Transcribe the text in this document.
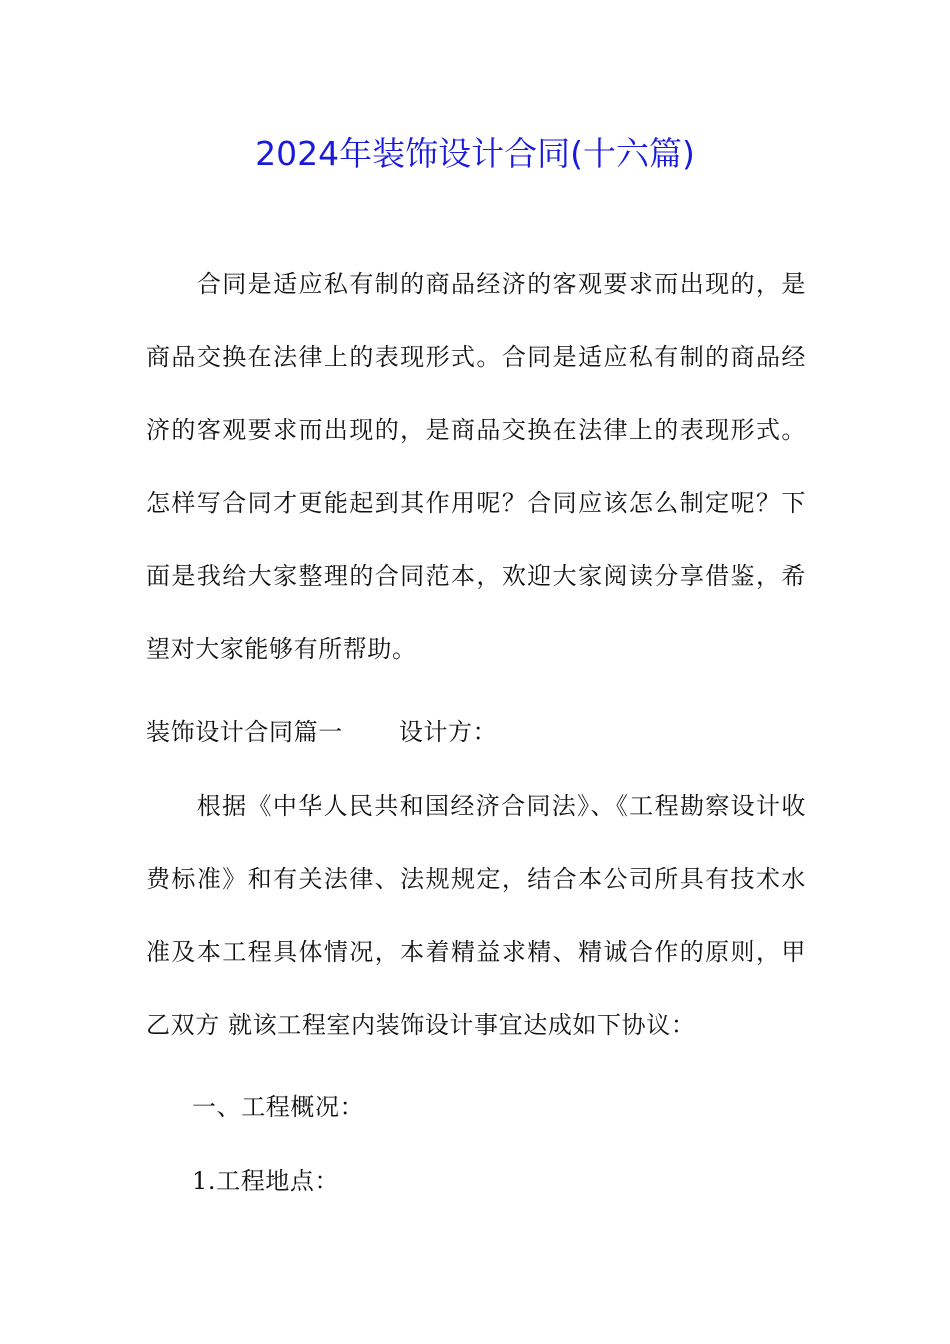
2024年装饰设计合同(十六篇)

合同是适应私有制的商品经济的客观要求而出现的，是商品交换在法律上的表现形式。合同是适应私有制的商品经济的客观要求而出现的，是商品交换在法律上的表现形式。怎样写合同才更能起到其作用呢？合同应该怎么制定呢？下面是我给大家整理的合同范本，欢迎大家阅读分享借鉴，希望对大家能够有所帮助。

装饰设计合同篇一 设计方：

根据《中华人民共和国经济合同法》、《工程勘察设计收费标准》和有关法律、法规规定，结合本公司所具有技术水准及本工程具体情况，本着精益求精、精诚合作的原则，甲乙双方 就该工程室内装饰设计事宜达成如下协议：

一、工程概况：

1.工程地点：
